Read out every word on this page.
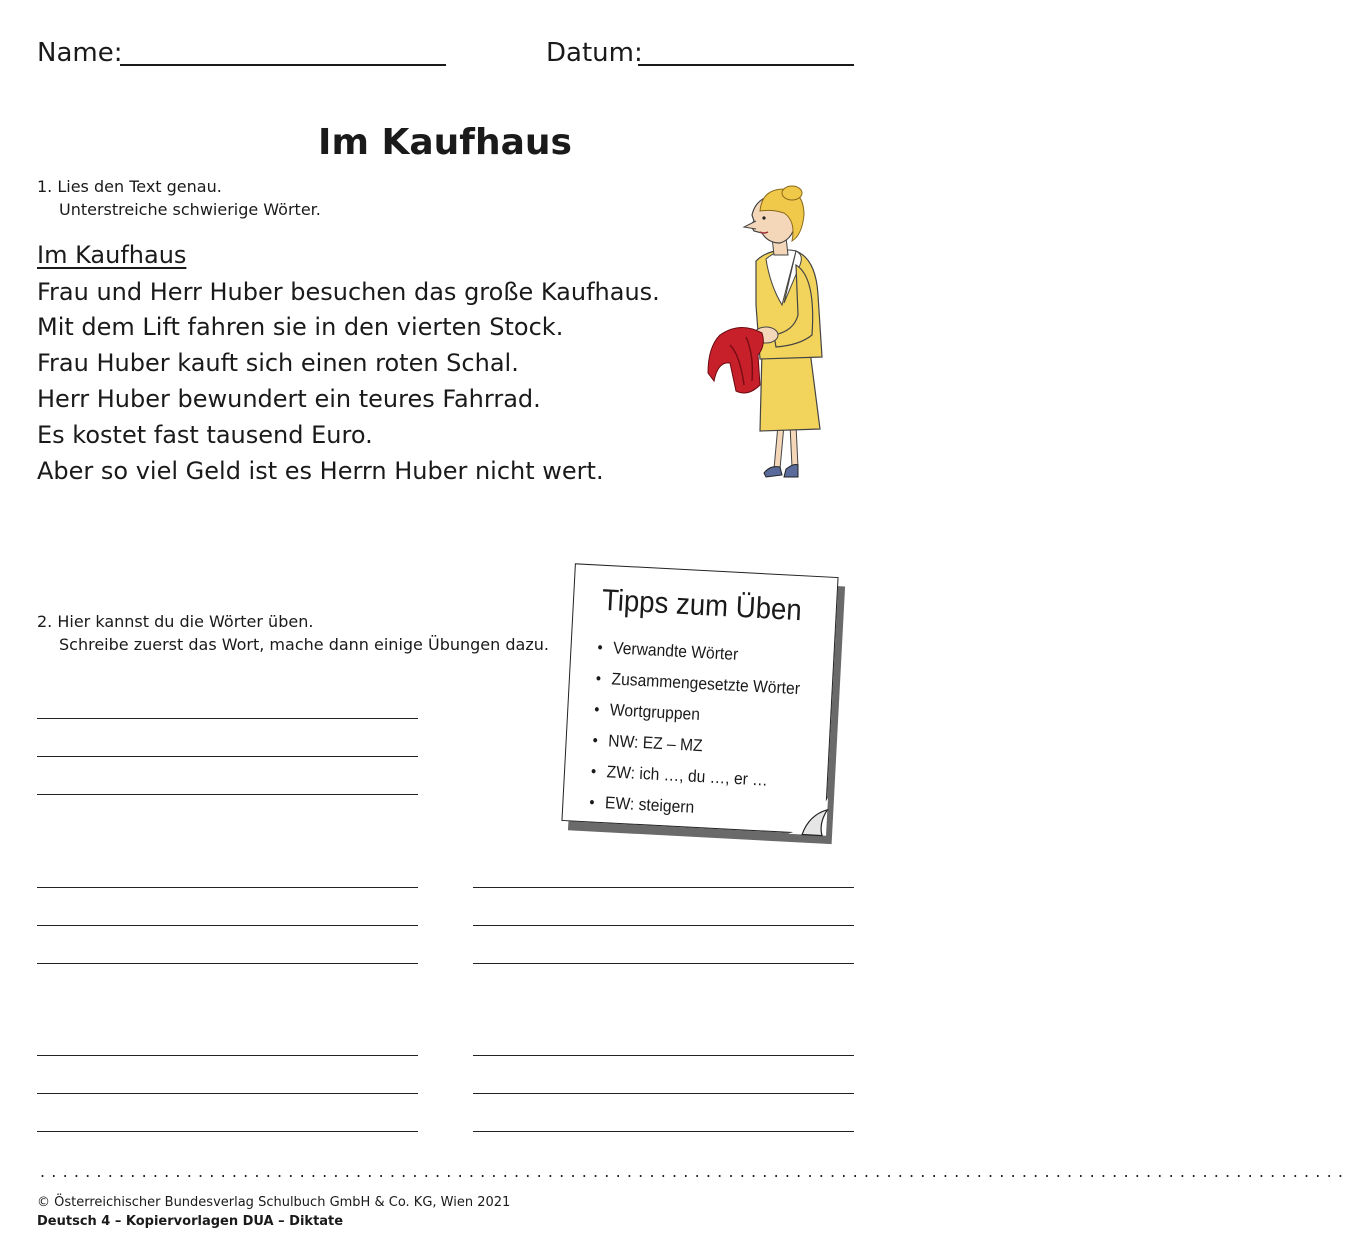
Name:	Datum:
Im Kaufhaus
1. Lies den Text genau.
Unterstreiche schwierige Wörter.
Im Kaufhaus
Frau und Herr Huber besuchen das große Kaufhaus.
Mit dem Lift fahren sie in den vierten Stock.
Frau Huber kauft sich einen roten Schal.
Herr Huber bewundert ein teures Fahrrad.
Es kostet fast tausend Euro.
Aber so viel Geld ist es Herrn Huber nicht wert.
2. Hier kannst du die Wörter üben.
Schreibe zuerst das Wort, mache dann einige Übungen dazu.
Tipps zum Üben
• Verwandte Wörter
• Zusammengesetzte Wörter
• Wortgruppen
• NW: EZ – MZ
• ZW: ich …, du …, er …
• EW: steigern
....................................................................................................................
© Österreichischer Bundesverlag Schulbuch GmbH & Co. KG, Wien 2021
Deutsch 4 – Kopiervorlagen DUA – Diktate
